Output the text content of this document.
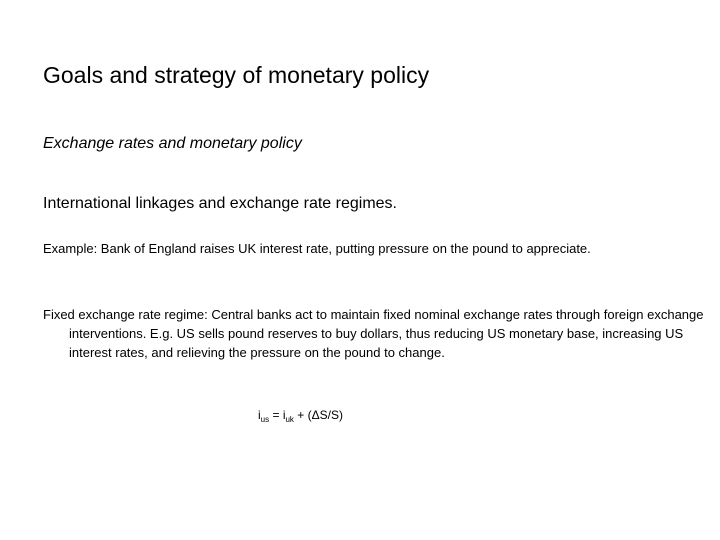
Goals and strategy of monetary policy
Exchange rates and monetary policy
International linkages and exchange rate regimes.
Example: Bank of England raises UK interest rate, putting pressure on the pound to appreciate.
Fixed exchange rate regime: Central banks act to maintain fixed nominal exchange rates through foreign exchange interventions. E.g. US sells pound reserves to buy dollars, thus reducing US monetary base, increasing US interest rates, and relieving the pressure on the pound to change.
$i_{us} = i_{uk} + (\Delta S/S)$
